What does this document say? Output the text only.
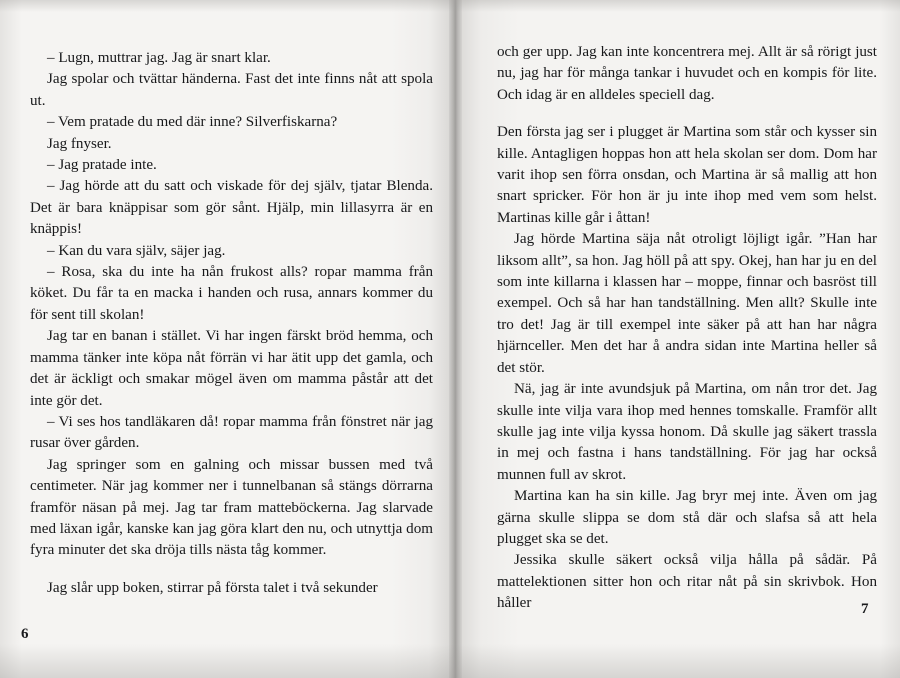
– Lugn, muttrar jag. Jag är snart klar.

Jag spolar och tvättar händerna. Fast det inte finns nåt att spola ut.

– Vem pratade du med där inne? Silverfiskarna?

Jag fnyser.

– Jag pratade inte.

– Jag hörde att du satt och viskade för dej själv, tjatar Blenda. Det är bara knäppisar som gör sånt. Hjälp, min lillasyrra är en knäppis!

– Kan du vara själv, säjer jag.

– Rosa, ska du inte ha nån frukost alls? ropar mamma från köket. Du får ta en macka i handen och rusa, annars kommer du för sent till skolan!

Jag tar en banan i stället. Vi har ingen färskt bröd hemma, och mamma tänker inte köpa nåt förrän vi har ätit upp det gamla, och det är äckligt och smakar mögel även om mamma påstår att det inte gör det.

– Vi ses hos tandläkaren då! ropar mamma från fönstret när jag rusar över gården.

Jag springer som en galning och missar bussen med två centimeter. När jag kommer ner i tunnelbanan så stängs dörrarna framför näsan på mej. Jag tar fram matteböckerna. Jag slarvade med läxan igår, kanske kan jag göra klart den nu, och utnyttja dom fyra minuter det ska dröja tills nästa tåg kommer.

Jag slår upp boken, stirrar på första talet i två sekunder

och ger upp. Jag kan inte koncentrera mej. Allt är så rörigt just nu, jag har för många tankar i huvudet och en kompis för lite. Och idag är en alldeles speciell dag.

Den första jag ser i plugget är Martina som står och kysser sin kille. Antagligen hoppas hon att hela skolan ser dom. Dom har varit ihop sen förra onsdan, och Martina är så mallig att hon snart spricker. För hon är ju inte ihop med vem som helst. Martinas kille går i åttan!

Jag hörde Martina säja nåt otroligt löjligt igår. ”Han har liksom allt”, sa hon. Jag höll på att spy. Okej, han har ju en del som inte killarna i klassen har – moppe, finnar och basröst till exempel. Och så har han tandställning. Men allt? Skulle inte tro det! Jag är till exempel inte säker på att han har några hjärnceller. Men det har å andra sidan inte Martina heller så det stör.

Nä, jag är inte avundsjuk på Martina, om nån tror det. Jag skulle inte vilja vara ihop med hennes tomskalle. Framför allt skulle jag inte vilja kyssa honom. Då skulle jag säkert trassla in mej och fastna i hans tandställning. För jag har också munnen full av skrot.

Martina kan ha sin kille. Jag bryr mej inte. Även om jag gärna skulle slippa se dom stå där och slafsa så att hela plugget ska se det.

Jessika skulle säkert också vilja hålla på sådär. På mattelektionen sitter hon och ritar nåt på sin skrivbok. Hon håller

6
7
